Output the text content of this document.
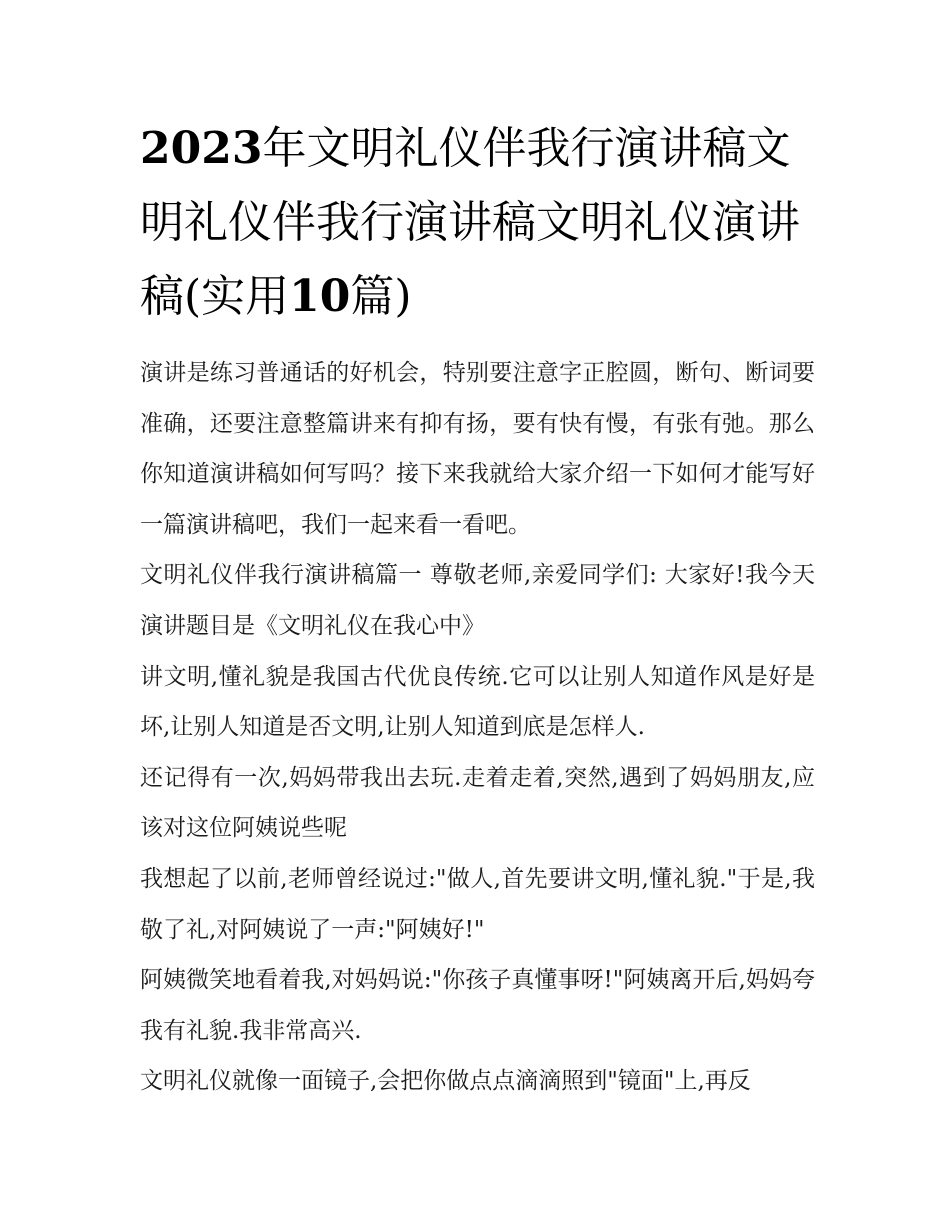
2023年文明礼仪伴我行演讲稿文明礼仪伴我行演讲稿文明礼仪演讲稿(实用10篇)

演讲是练习普通话的好机会，特别要注意字正腔圆，断句、断词要准确，还要注意整篇讲来有抑有扬，要有快有慢，有张有弛。那么你知道演讲稿如何写吗？接下来我就给大家介绍一下如何才能写好一篇演讲稿吧，我们一起来看一看吧。

文明礼仪伴我行演讲稿篇一 尊敬老师,亲爱同学们: 大家好!我今天演讲题目是《文明礼仪在我心中》

讲文明,懂礼貌是我国古代优良传统.它可以让别人知道作风是好是坏,让别人知道是否文明,让别人知道到底是怎样人.

还记得有一次,妈妈带我出去玩.走着走着,突然,遇到了妈妈朋友,应该对这位阿姨说些呢

我想起了以前,老师曾经说过:"做人,首先要讲文明,懂礼貌."于是,我敬了礼,对阿姨说了一声:"阿姨好!"

阿姨微笑地看着我,对妈妈说:"你孩子真懂事呀!"阿姨离开后,妈妈夸我有礼貌.我非常高兴.

文明礼仪就像一面镜子,会把你做点点滴滴照到"镜面"上,再反
